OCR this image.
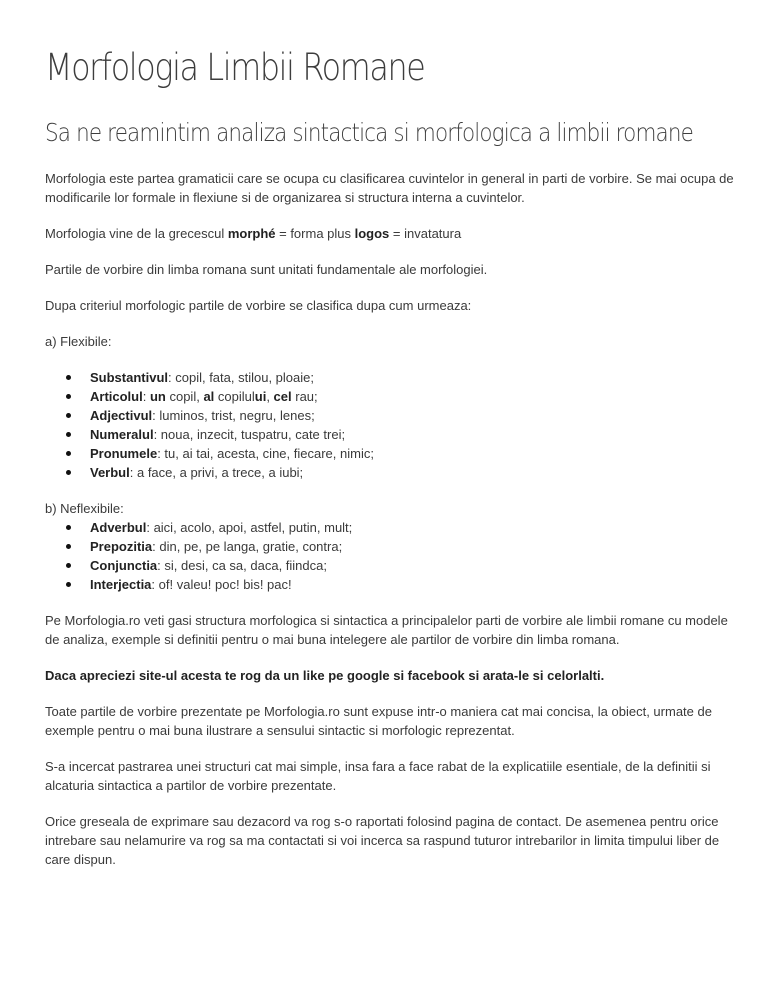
Morfologia Limbii Romane
Sa ne reamintim analiza sintactica si morfologica a limbii romane

Morfologia este partea gramaticii care se ocupa cu clasificarea cuvintelor in general in parti de vorbire. Se mai ocupa de modificarile lor formale in flexiune si de organizarea si structura interna a cuvintelor.

Morfologia vine de la grecescul morphé = forma plus logos = invatatura

Partile de vorbire din limba romana sunt unitati fundamentale ale morfologiei.

Dupa criteriul morfologic partile de vorbire se clasifica dupa cum urmeaza:

a) Flexibile:

Substantivul: copil, fata, stilou, ploaie;
Articolul: un copil, al copilului, cel rau;
Adjectivul: luminos, trist, negru, lenes;
Numeralul: noua, inzecit, tuspatru, cate trei;
Pronumele: tu, ai tai, acesta, cine, fiecare, nimic;
Verbul: a face, a privi, a trece, a iubi;

b) Neflexibile:

Adverbul: aici, acolo, apoi, astfel, putin, mult;
Prepozitia: din, pe, pe langa, gratie, contra;
Conjunctia: si, desi, ca sa, daca, fiindca;
Interjectia: of! valeu! poc! bis! pac!

Pe Morfologia.ro veti gasi structura morfologica si sintactica a principalelor parti de vorbire ale limbii romane cu modele de analiza, exemple si definitii pentru o mai buna intelegere ale partilor de vorbire din limba romana.

Daca apreciezi site-ul acesta te rog da un like pe google si facebook si arata-le si celorlalti.

Toate partile de vorbire prezentate pe Morfologia.ro sunt expuse intr-o maniera cat mai concisa, la obiect, urmate de exemple pentru o mai buna ilustrare a sensului sintactic si morfologic reprezentat.

S-a incercat pastrarea unei structuri cat mai simple, insa fara a face rabat de la explicatiile esentiale, de la definitii si alcaturia sintactica a partilor de vorbire prezentate.

Orice greseala de exprimare sau dezacord va rog s-o raportati folosind pagina de contact. De asemenea pentru orice intrebare sau nelamurire va rog sa ma contactati si voi incerca sa raspund tuturor intrebarilor in limita timpului liber de care dispun.
